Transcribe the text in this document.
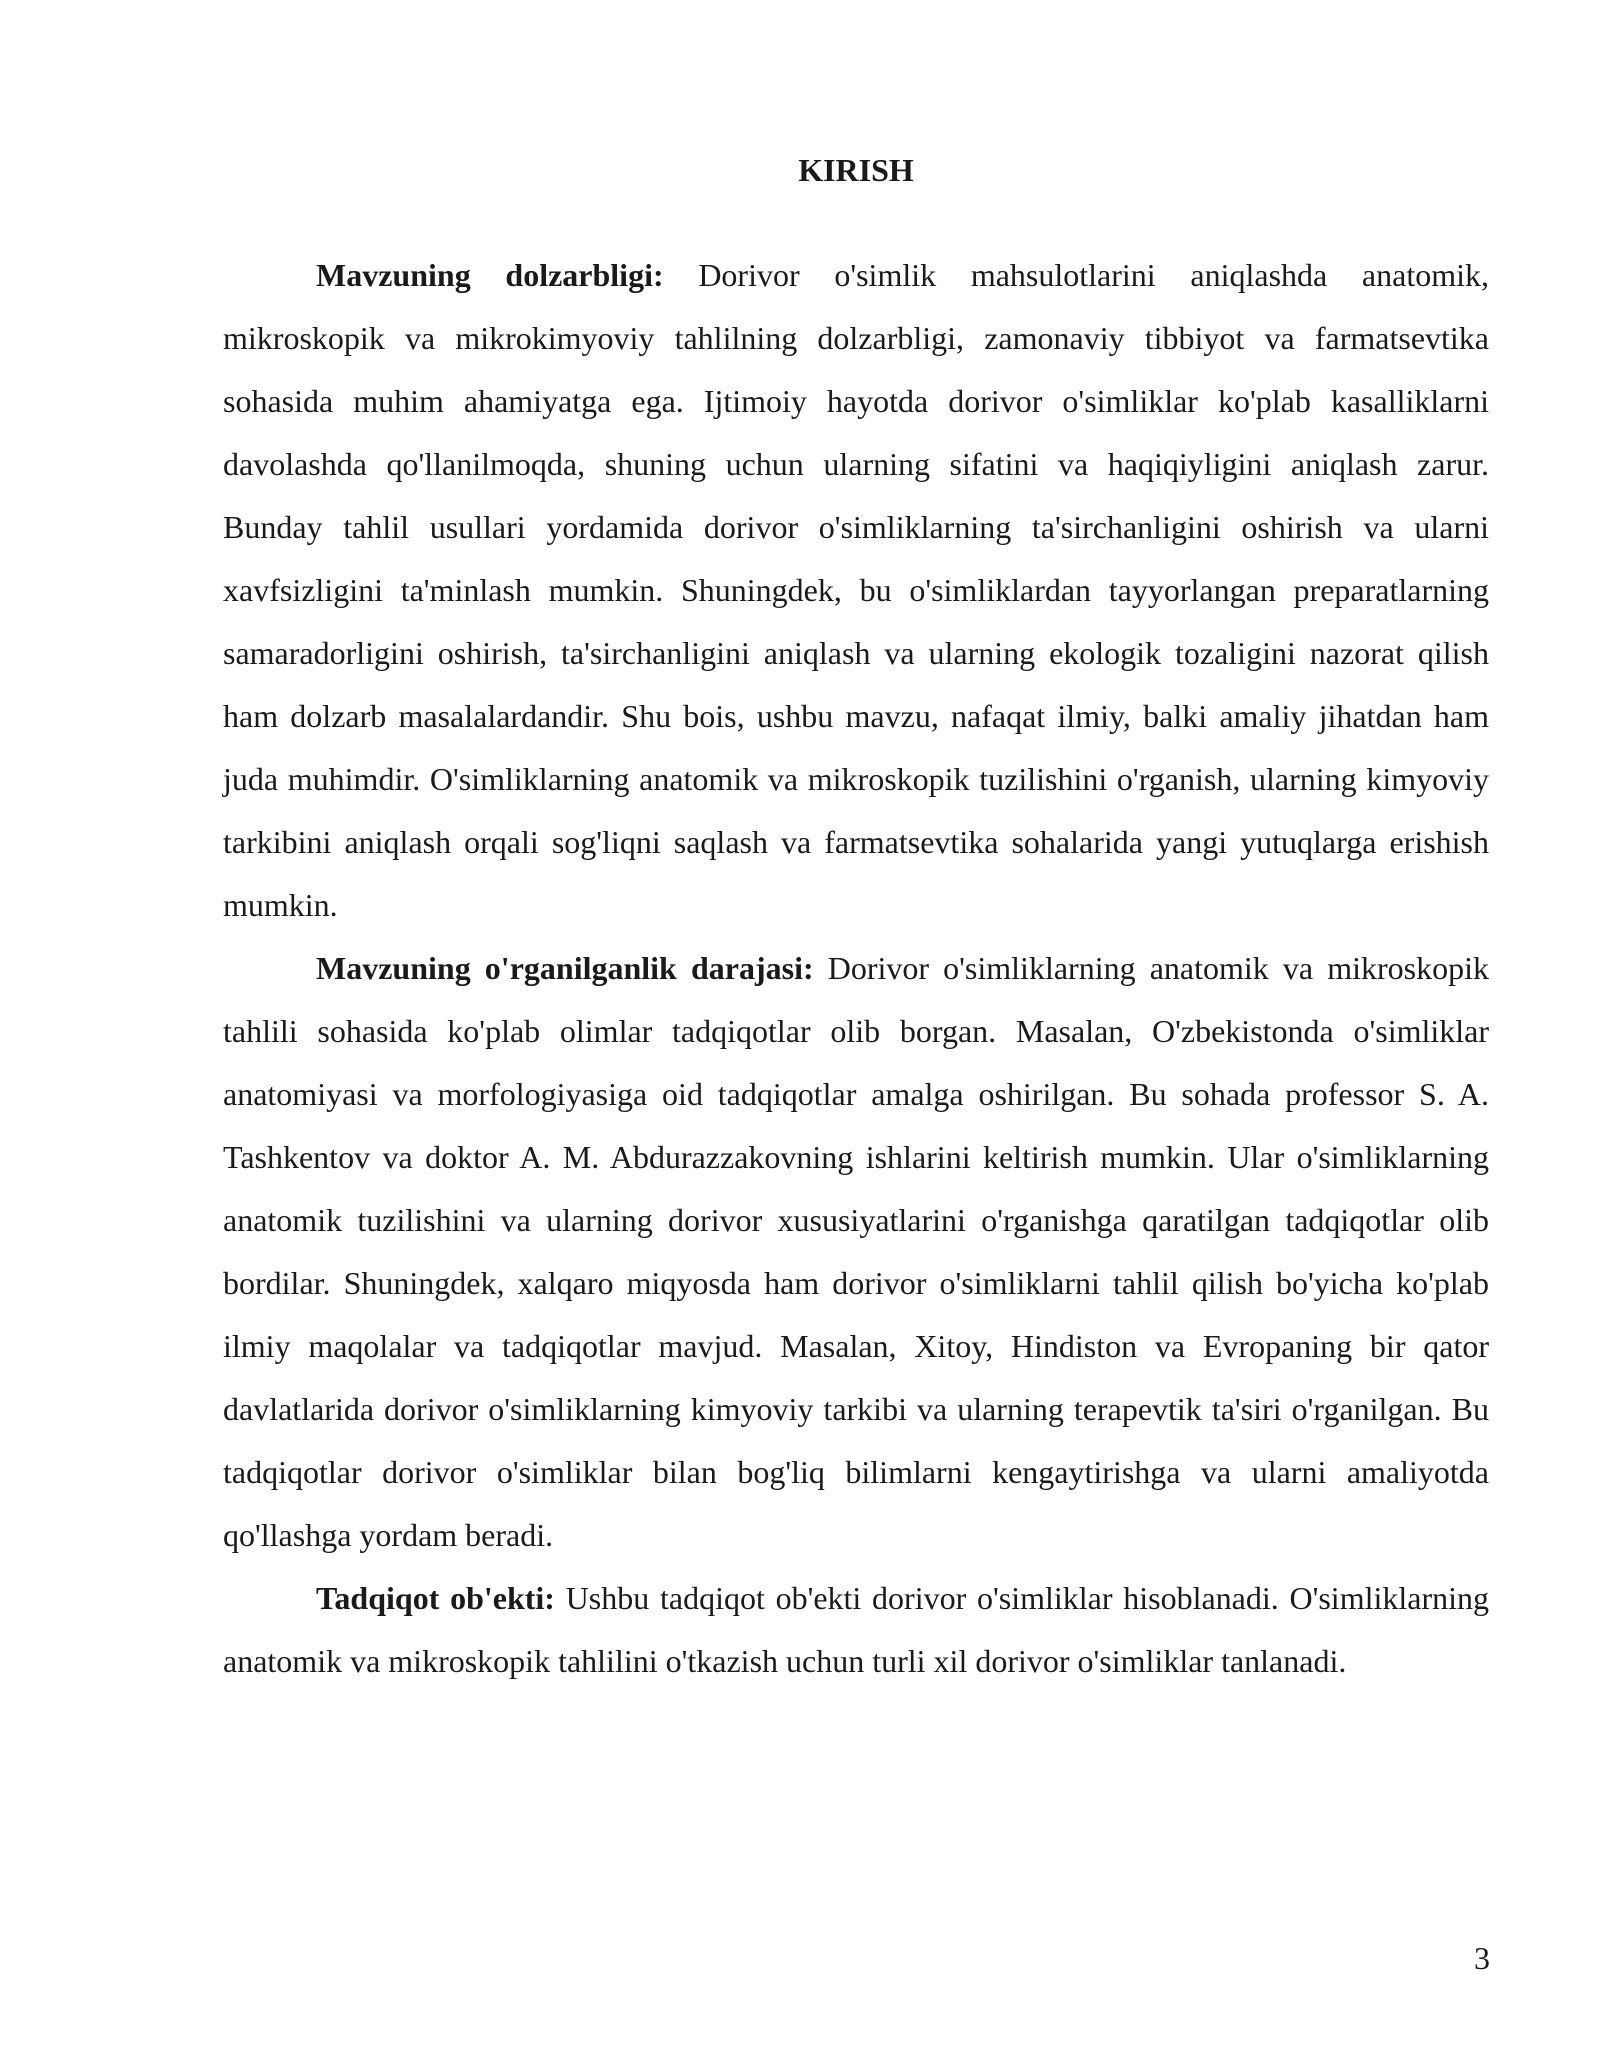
KIRISH

Mavzuning dolzarbligi: Dorivor o'simlik mahsulotlarini aniqlashda anatomik, mikroskopik va mikrokimyoviy tahlilning dolzarbligi, zamonaviy tibbiyot va farmatsevtika sohasida muhim ahamiyatga ega. Ijtimoiy hayotda dorivor o'simliklar ko'plab kasalliklarni davolashda qo'llanilmoqda, shuning uchun ularning sifatini va haqiqiyligini aniqlash zarur. Bunday tahlil usullari yordamida dorivor o'simliklarning ta'sirchanligini oshirish va ularni xavfsizligini ta'minlash mumkin. Shuningdek, bu o'simliklardan tayyorlangan preparatlarning samaradorligini oshirish, ta'sirchanligini aniqlash va ularning ekologik tozaligini nazorat qilish ham dolzarb masalalardandir. Shu bois, ushbu mavzu, nafaqat ilmiy, balki amaliy jihatdan ham juda muhimdir. O'simliklarning anatomik va mikroskopik tuzilishini o'rganish, ularning kimyoviy tarkibini aniqlash orqali sog'liqni saqlash va farmatsevtika sohalarida yangi yutuqlarga erishish mumkin.

Mavzuning o'rganilganlik darajasi: Dorivor o'simliklarning anatomik va mikroskopik tahlili sohasida ko'plab olimlar tadqiqotlar olib borgan. Masalan, O'zbekistonda o'simliklar anatomiyasi va morfologiyasiga oid tadqiqotlar amalga oshirilgan. Bu sohada professor S. A. Tashkentov va doktor A. M. Abdurazzakovning ishlarini keltirish mumkin. Ular o'simliklarning anatomik tuzilishini va ularning dorivor xususiyatlarini o'rganishga qaratilgan tadqiqotlar olib bordilar. Shuningdek, xalqaro miqyosda ham dorivor o'simliklarni tahlil qilish bo'yicha ko'plab ilmiy maqolalar va tadqiqotlar mavjud. Masalan, Xitoy, Hindiston va Evropaning bir qator davlatlarida dorivor o'simliklarning kimyoviy tarkibi va ularning terapevtik ta'siri o'rganilgan. Bu tadqiqotlar dorivor o'simliklar bilan bog'liq bilimlarni kengaytirishga va ularni amaliyotda qo'llashga yordam beradi.

Tadqiqot ob'ekti: Ushbu tadqiqot ob'ekti dorivor o'simliklar hisoblanadi. O'simliklarning anatomik va mikroskopik tahlilini o'tkazish uchun turli xil dorivor o'simliklar tanlanadi.

3
